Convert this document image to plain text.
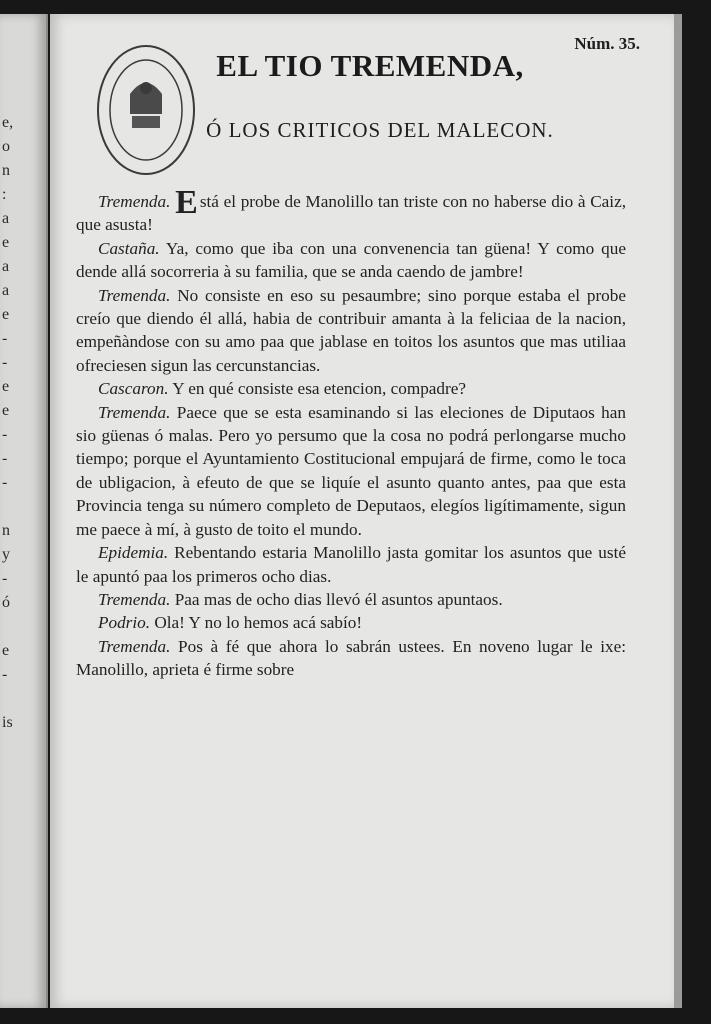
e,
o
n
:
a
e
a
a
e
-
-
e
e
-
-
-
n
y
-
ó
e
-
is
Núm. 35.
EL TIO TREMENDA,
Ó LOS CRITICOS DEL MALECON.

Tremenda. E stá el probe de Manolillo tan triste con no haberse dio à Caiz, que asusta!

Castaña. Ya, como que iba con una convenencia tan güena! Y como que dende allá socorreria à su familia, que se anda caendo de jambre!

Tremenda. No consiste en eso su pesaumbre; sino porque estaba el probe creío que diendo él allá, habia de contribuir amanta à la feliciaa de la nacion, empeñàndose con su amo paa que jablase en toitos los asuntos que mas utiliaa ofreciesen sigun las cercunstancias.

Cascaron. Y en qué consiste esa etencion, compadre?

Tremenda. Paece que se esta esaminando si las eleciones de Diputaos han sio güenas ó malas. Pero yo persumo que la cosa no podrá perlongarse mucho tiempo; porque el Ayuntamiento Costitucional empujará de firme, como le toca de ubligacion, à efeuto de que se liquíe el asunto quanto antes, paa que esta Provincia tenga su número completo de Deputaos, elegíos ligítimamente, sigun me paece à mí, à gusto de toito el mundo.

Epidemia. Rebentando estaria Manolillo jasta gomitar los asuntos que usté le apuntó paa los primeros ocho dias.

Tremenda. Paa mas de ocho dias llevó él asuntos apuntaos.

Podrio. Ola! Y no lo hemos acá sabío!

Tremenda. Pos à fé que ahora lo sabrán ustees. En noveno lugar le ixe: Manolillo, aprieta é firme sobre
